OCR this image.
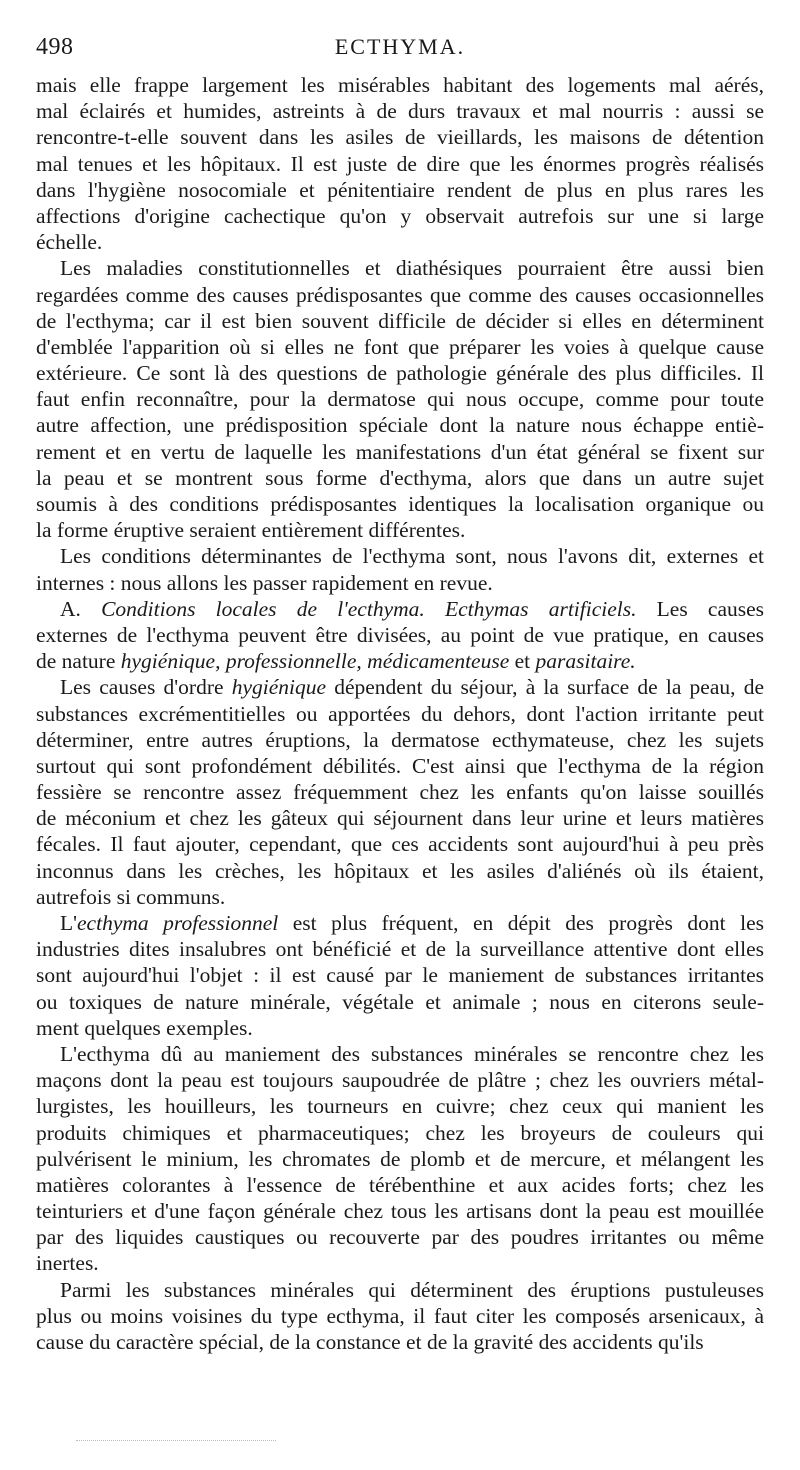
498	ECTHYMA.
mais elle frappe largement les misérables habitant des logements mal aérés,
mal éclairés et humides, astreints à de durs travaux et mal nourris : aussi se
rencontre-t-elle souvent dans les asiles de vieillards, les maisons de détention
mal tenues et les hôpitaux. Il est juste de dire que les énormes progrès réalisés
dans l'hygiène nosocomiale et pénitentiaire rendent de plus en plus rares les
affections d'origine cachectique qu'on y observait autrefois sur une si large
échelle.
Les maladies constitutionnelles et diathésiques pourraient être aussi bien
regardées comme des causes prédisposantes que comme des causes occasionnelles
de l'ecthyma; car il est bien souvent difficile de décider si elles en déterminent
d'emblée l'apparition où si elles ne font que préparer les voies à quelque cause
extérieure. Ce sont là des questions de pathologie générale des plus difficiles. Il
faut enfin reconnaître, pour la dermatose qui nous occupe, comme pour toute
autre affection, une prédisposition spéciale dont la nature nous échappe entiè-
rement et en vertu de laquelle les manifestations d'un état général se fixent sur
la peau et se montrent sous forme d'ecthyma, alors que dans un autre sujet
soumis à des conditions prédisposantes identiques la localisation organique ou
la forme éruptive seraient entièrement différentes.
Les conditions déterminantes de l'ecthyma sont, nous l'avons dit, externes et
internes : nous allons les passer rapidement en revue.
A. Conditions locales de l'ecthyma. Ecthymas artificiels. Les causes
externes de l'ecthyma peuvent être divisées, au point de vue pratique, en causes
de nature hygiénique, professionnelle, médicamenteuse et parasitaire.
Les causes d'ordre hygiénique dépendent du séjour, à la surface de la peau, de
substances excrémentitielles ou apportées du dehors, dont l'action irritante peut
déterminer, entre autres éruptions, la dermatose ecthymateuse, chez les sujets
surtout qui sont profondément débilités. C'est ainsi que l'ecthyma de la région
fessière se rencontre assez fréquemment chez les enfants qu'on laisse souillés
de méconium et chez les gâteux qui séjournent dans leur urine et leurs matières
fécales. Il faut ajouter, cependant, que ces accidents sont aujourd'hui à peu près
inconnus dans les crèches, les hôpitaux et les asiles d'aliénés où ils étaient,
autrefois si communs.
L'ecthyma professionnel est plus fréquent, en dépit des progrès dont les
industries dites insalubres ont bénéficié et de la surveillance attentive dont elles
sont aujourd'hui l'objet : il est causé par le maniement de substances irritantes
ou toxiques de nature minérale, végétale et animale ; nous en citerons seule-
ment quelques exemples.
L'ecthyma dû au maniement des substances minérales se rencontre chez les
maçons dont la peau est toujours saupoudrée de plâtre ; chez les ouvriers métal-
lurgistes, les houilleurs, les tourneurs en cuivre; chez ceux qui manient les
produits chimiques et pharmaceutiques; chez les broyeurs de couleurs qui
pulvérisent le minium, les chromates de plomb et de mercure, et mélangent les
matières colorantes à l'essence de térébenthine et aux acides forts; chez les
teinturiers et d'une façon générale chez tous les artisans dont la peau est mouillée
par des liquides caustiques ou recouverte par des poudres irritantes ou même
inertes.
Parmi les substances minérales qui déterminent des éruptions pustuleuses
plus ou moins voisines du type ecthyma, il faut citer les composés arsenicaux, à
cause du caractère spécial, de la constance et de la gravité des accidents qu'ils
